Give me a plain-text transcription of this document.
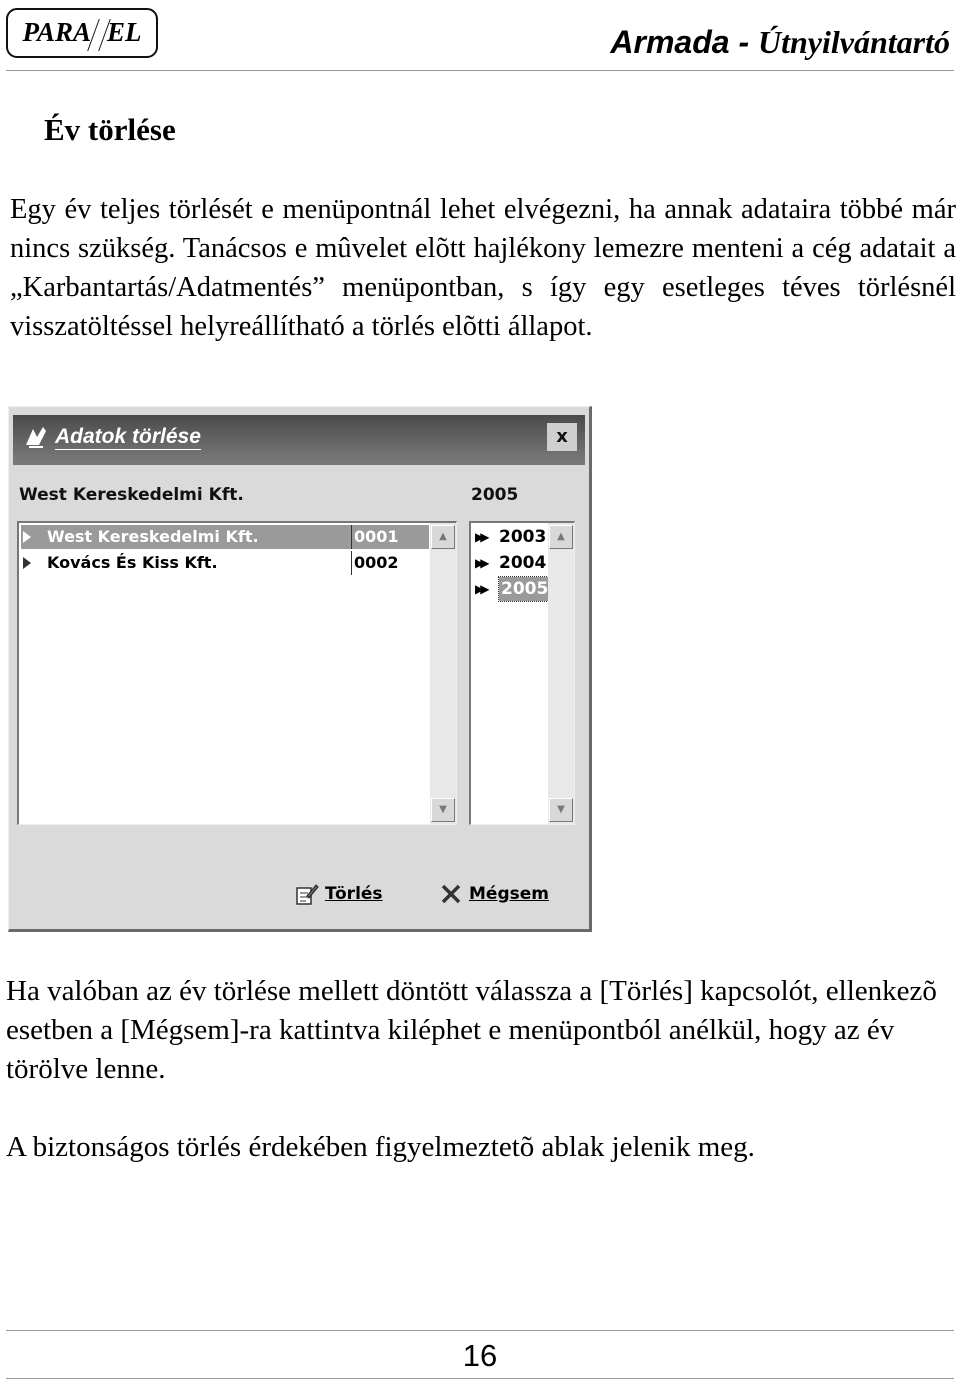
PARA EL	Armada - Útnyilvántartó
Év törlése
Egy év teljes törlését e menüpontnál lehet elvégezni, ha annak adataira többé már nincs szükség. Tanácsos e mûvelet elõtt hajlékony lemezre menteni a cég adatait a „Karbantartás/Adatmentés” menüpontban, s így egy esetleges téves törlésnél visszatöltéssel helyreállítható a törlés elõtti állapot.
Adatok törlése	x
West Kereskedelmi Kft.	2005
West Kereskedelmi Kft.	0001
Kovács És Kiss Kft.	0002
▲
▼
▶▶ 2003
▶▶ 2004
▶▶ 2005
▲
▼
Törlés	Mégsem
Ha valóban az év törlése mellett döntött válassza a [Törlés] kapcsolót, ellenkezõ esetben a [Mégsem]-ra kattintva kiléphet e menüpontból anélkül, hogy az év törölve lenne.
A biztonságos törlés érdekében figyelmeztetõ ablak jelenik meg.
16
